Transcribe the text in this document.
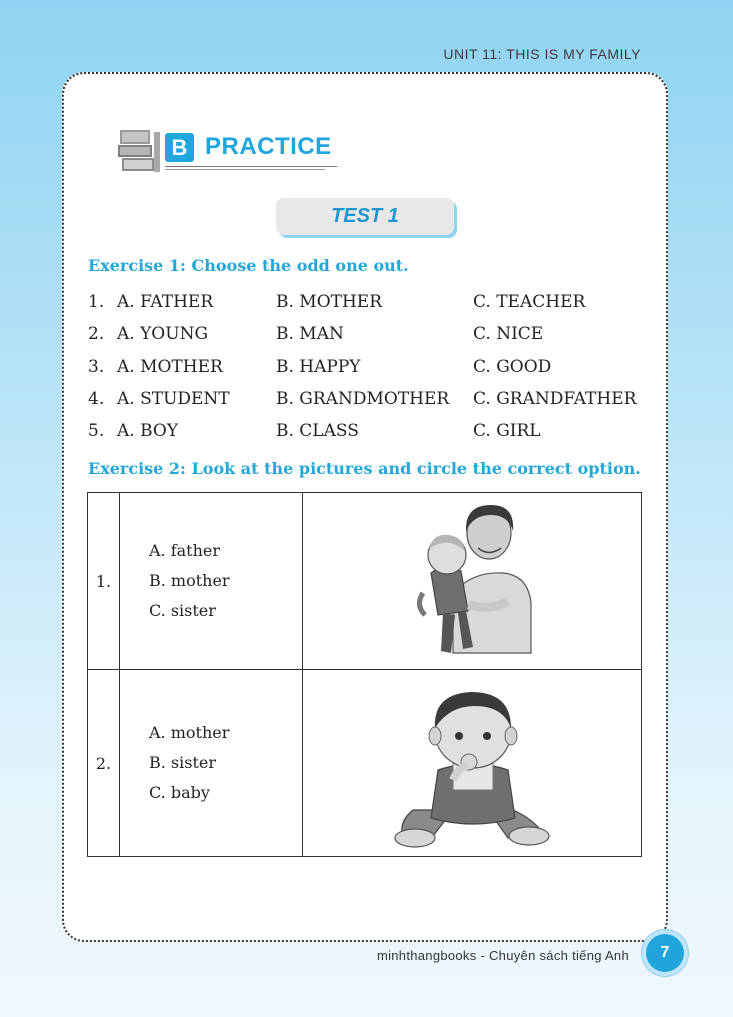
UNIT 11: THIS IS MY FAMILY
B PRACTICE
TEST 1
Exercise 1: Choose the odd one out.
1. A. FATHER	B. MOTHER	C. TEACHER
2. A. YOUNG	B. MAN	C. NICE
3. A. MOTHER	B. HAPPY	C. GOOD
4. A. STUDENT	B. GRANDMOTHER C. GRANDFATHER
5. A. BOY	B. CLASS	C. GIRL
Exercise 2: Look at the pictures and circle the correct option.
1.	A. father
B. mother
C. sister

2.	A. mother
B. sister
C. baby

minhthangbooks - Chuyên sách tiếng Anh	7
